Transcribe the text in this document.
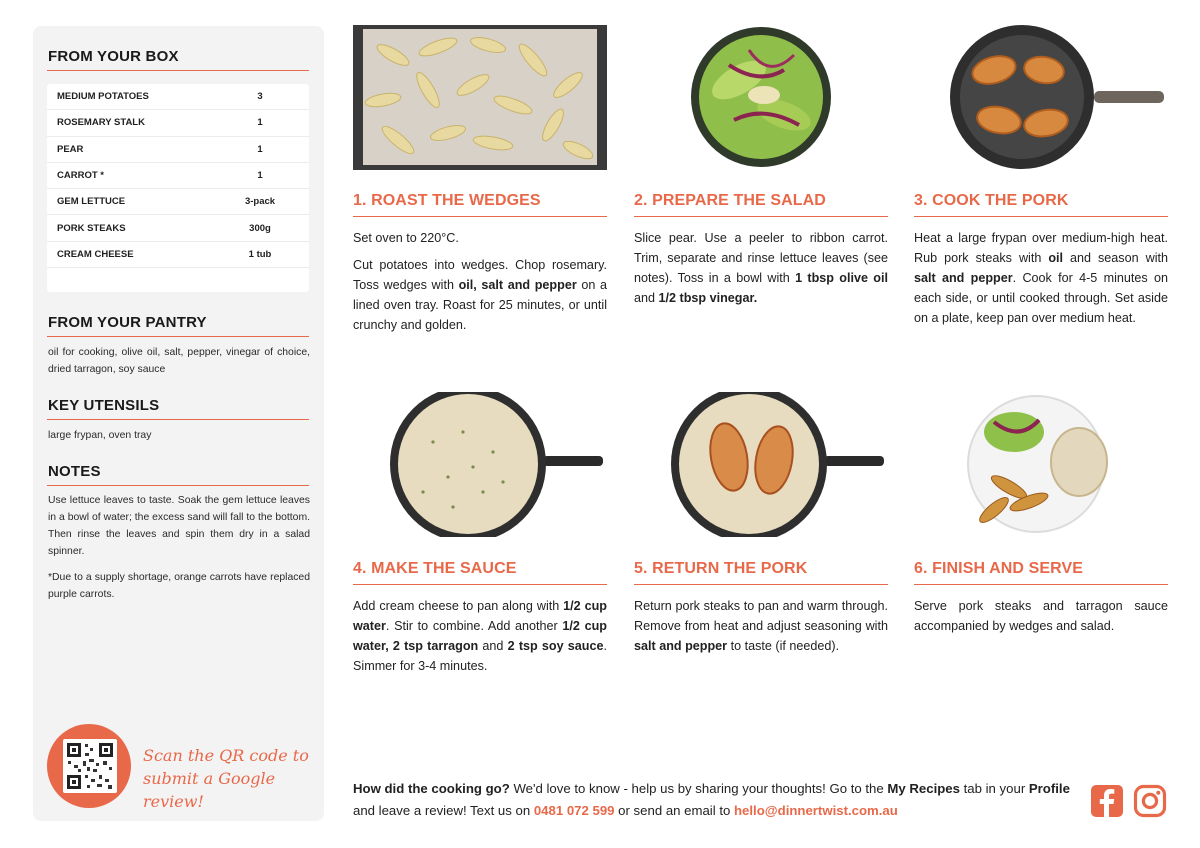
FROM YOUR BOX
MEDIUM POTATOES	3
ROSEMARY STALK	1
PEAR	1
CARROT *	1
GEM LETTUCE	3-pack
PORK STEAKS	300g
CREAM CHEESE	1 tub
FROM YOUR PANTRY
oil for cooking, olive oil, salt, pepper, vinegar of choice, dried tarragon, soy sauce
KEY UTENSILS
large frypan, oven tray
NOTES
Use lettuce leaves to taste. Soak the gem lettuce leaves in a bowl of water; the excess sand will fall to the bottom. Then rinse the leaves and spin them dry in a salad spinner.
*Due to a supply shortage, orange carrots have replaced purple carrots.
Scan the QR code to
submit a Google review!
1. ROAST THE WEDGES

Set oven to 220°C.

Cut potatoes into wedges. Chop rosemary. Toss wedges with oil, salt and pepper on a lined oven tray. Roast for 25 minutes, or until crunchy and golden.

2. PREPARE THE SALAD

Slice pear. Use a peeler to ribbon carrot. Trim, separate and rinse lettuce leaves (see notes). Toss in a bowl with 1 tbsp olive oil and 1/2 tbsp vinegar.

3. COOK THE PORK

Heat a large frypan over medium-high heat. Rub pork steaks with oil and season with salt and pepper. Cook for 4-5 minutes on each side, or until cooked through. Set aside on a plate, keep pan over medium heat.

4. MAKE THE SAUCE

Add cream cheese to pan along with 1/2 cup water. Stir to combine. Add another 1/2 cup water, 2 tsp tarragon and 2 tsp soy sauce. Simmer for 3-4 minutes.

5. RETURN THE PORK

Return pork steaks to pan and warm through. Remove from heat and adjust seasoning with salt and pepper to taste (if needed).

6. FINISH AND SERVE

Serve pork steaks and tarragon sauce accompanied by wedges and salad.

How did the cooking go? We'd love to know - help us by sharing your thoughts! Go to the My Recipes tab in your Profile and leave a review! Text us on 0481 072 599 or send an email to hello@dinnertwist.com.au
